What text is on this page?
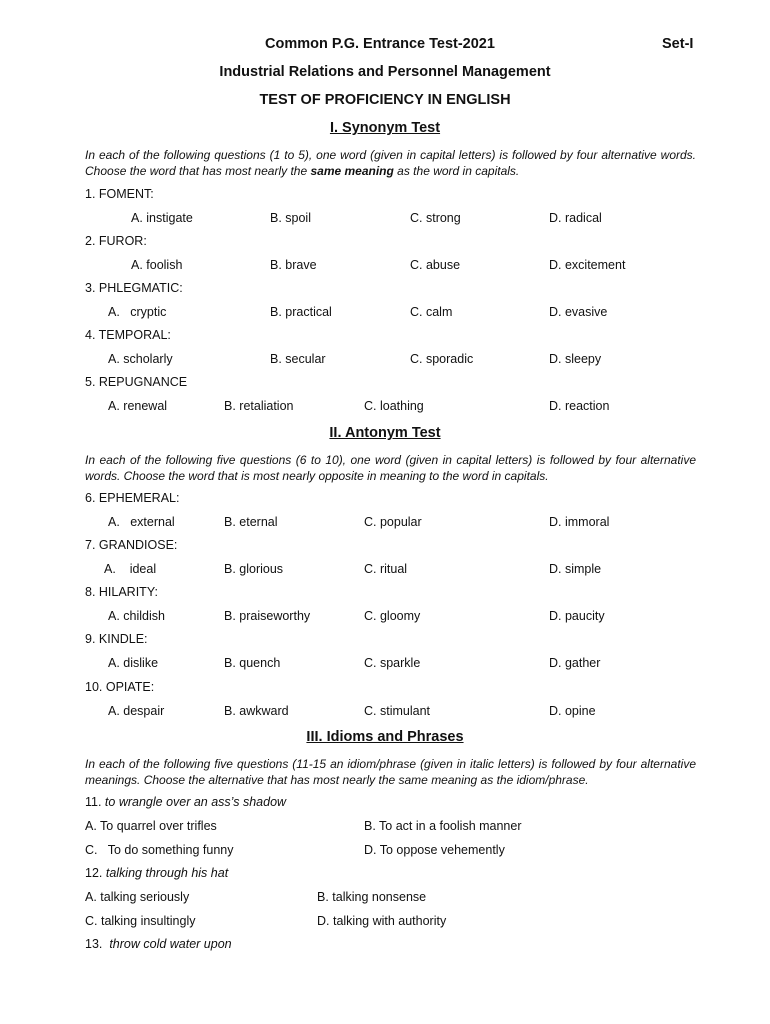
Common P.G. Entrance Test-2021	Set-I
Industrial Relations and Personnel Management
TEST OF PROFICIENCY IN ENGLISH
I. Synonym Test
In each of the following questions (1 to 5), one word (given in capital letters) is followed by four alternative words. Choose the word that has most nearly the same meaning as the word in capitals.
1. FOMENT:
A. instigate	B. spoil	C. strong	D. radical
2. FUROR:
A. foolish	B. brave	C. abuse	D. excitement
3. PHLEGMATIC:
A.   cryptic	B. practical	C. calm	D. evasive
4. TEMPORAL:
A. scholarly	B. secular	C. sporadic	D. sleepy
5. REPUGNANCE
A. renewal	B. retaliation	C. loathing	D. reaction
II. Antonym Test
In each of the following five questions (6 to 10), one word (given in capital letters) is followed by four alternative words. Choose the word that is most nearly opposite in meaning to the word in capitals.
6. EPHEMERAL:
A.   external	B. eternal	C. popular	D. immoral
7. GRANDIOSE:
A.    ideal	B. glorious	C. ritual	D. simple
8. HILARITY:
A. childish	B. praiseworthy	C. gloomy	D. paucity
9. KINDLE:
A. dislike	B. quench	C. sparkle	D. gather
10. OPIATE:
A. despair	B. awkward	C. stimulant	D. opine
III. Idioms and Phrases
In each of the following five questions (11-15 an idiom/phrase (given in italic letters) is followed by four alternative meanings. Choose the alternative that has most nearly the same meaning as the idiom/phrase.
11. to wrangle over an ass’s shadow
A. To quarrel over trifles	B. To act in a foolish manner
C.   To do something funny	D. To oppose vehemently
12. talking through his hat
A. talking seriously	B. talking nonsense
C. talking insultingly	D. talking with authority
13.  throw cold water upon
